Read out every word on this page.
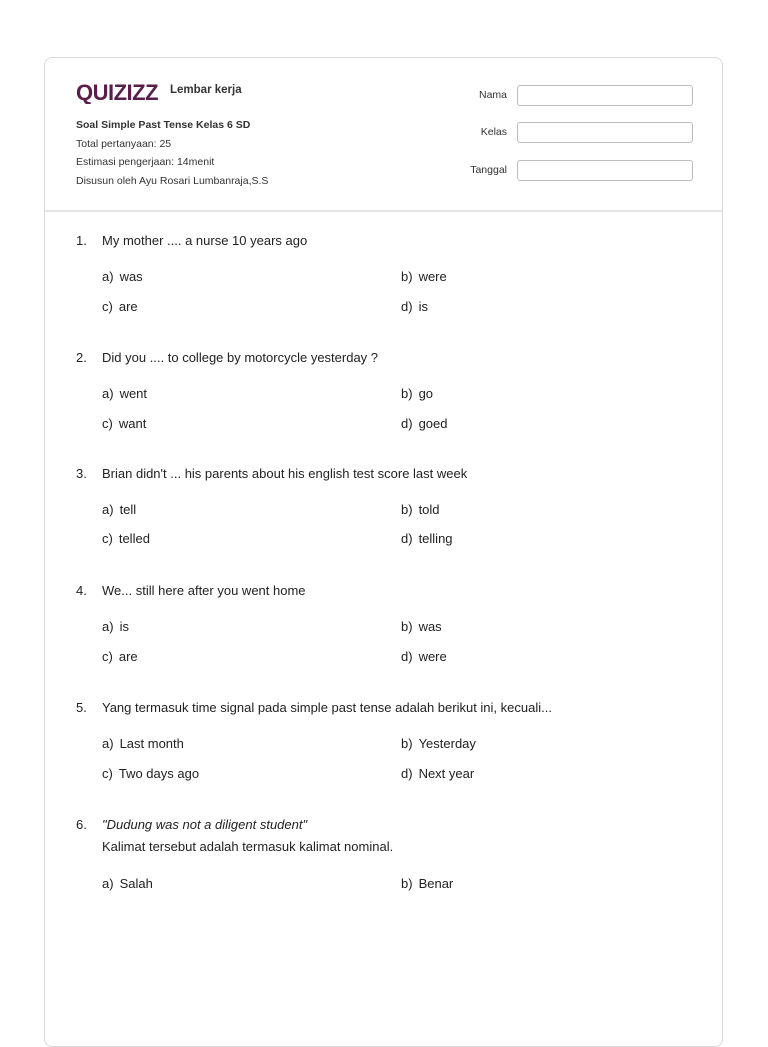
QUIZIZZ Lembar kerja
Soal Simple Past Tense Kelas 6 SD
Total pertanyaan: 25
Estimasi pengerjaan: 14menit
Disusun oleh Ayu Rosari Lumbanraja,S.S
Nama
Kelas
Tanggal
1.	My mother .... a nurse 10 years ago
a) was	b) were
c) are	d) is
2.	Did you .... to college by motorcycle yesterday ?
a) went	b) go
c) want	d) goed
3.	Brian didn't ... his parents about his english test score last week
a) tell	b) told
c) telled	d) telling
4.	We... still here after you went home
a) is	b) was
c) are	d) were
5.	Yang termasuk time signal pada simple past tense adalah berikut ini, kecuali...
a) Last month	b) Yesterday
c) Two days ago	d) Next year
6.	"Dudung was not a diligent student"
Kalimat tersebut adalah termasuk kalimat nominal.
a) Salah	b) Benar
